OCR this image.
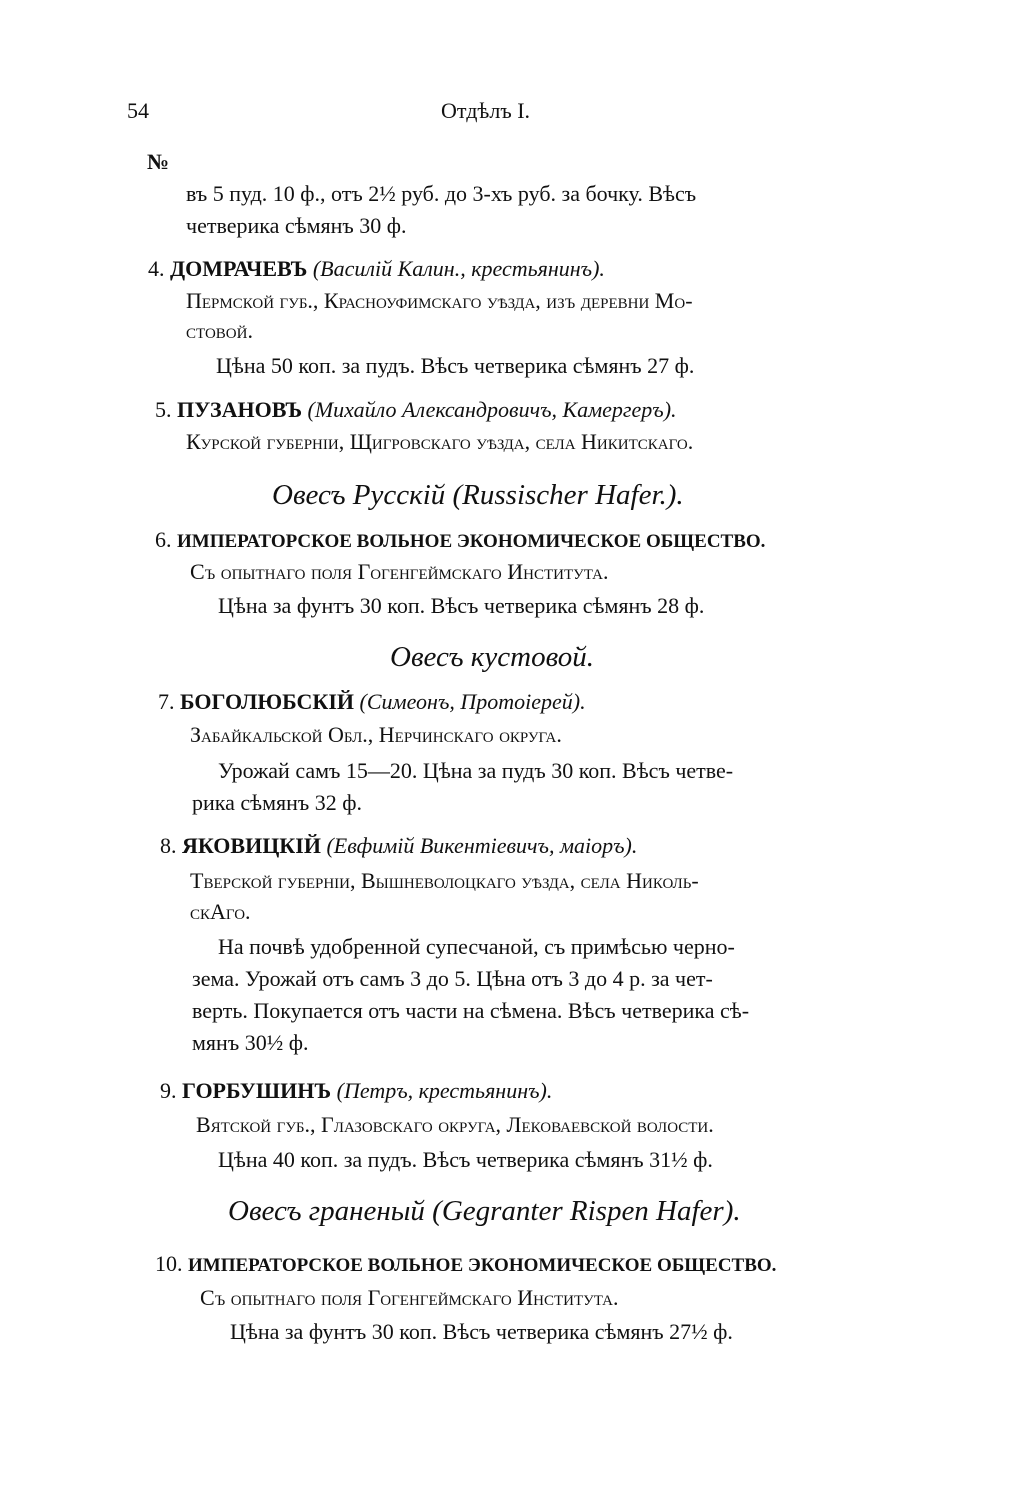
54	Отдѣлъ I.
№
въ 5 пуд. 10 ф., отъ 2½ руб. до 3-хъ руб. за бочку. Вѣсъ
четверика сѣмянъ 30 ф.
4. ДОМРАЧЕВЪ (Василій Калин., крестьянинъ).
Пермской губ., Красноуфимскаго уѣзда, изъ деревни Мо-
стовой.
Цѣна 50 коп. за пудъ. Вѣсъ четверика сѣмянъ 27 ф.
5. ПУЗАНОВЪ (Михайло Александровичъ, Камергеръ).
Курской губерніи, Щигровскаго уѣзда, села Никитскаго.
Овесъ Русскій (Russischer Hafer.).
6. ИМПЕРАТОРСКОЕ ВОЛЬНОЕ ЭКОНОМИЧЕСКОЕ ОБЩЕСТВО.
Съ опытнаго поля Гогенгеймскаго Института.
Цѣна за фунтъ 30 коп. Вѣсъ четверика сѣмянъ 28 ф.
Овесъ кустовой.
7. БОГОЛЮБСКІЙ (Симеонъ, Протоіерей).
Забайкальской Обл., Нерчинскаго округа.
Урожай самъ 15—20. Цѣна за пудъ 30 коп. Вѣсъ четве-
рика сѣмянъ 32 ф.
8. ЯКОВИЦКІЙ (Евфимій Викентіевичъ, маіоръ).
Тверской губерніи, Вышневолоцкаго уѣзда, села Николь-
скАго.
На почвѣ удобренной супесчаной, съ примѣсью черно-
зема. Урожай отъ самъ 3 до 5. Цѣна отъ 3 до 4 р. за чет-
верть. Покупается отъ части на сѣмена. Вѣсъ четверика сѣ-
мянъ 30½ ф.
9. ГОРБУШИНЪ (Петръ, крестьянинъ).
Вятской губ., Глазовскаго округа, Лековаевской волости.
Цѣна 40 коп. за пудъ. Вѣсъ четверика сѣмянъ 31½ ф.
Овесъ граненый (Gegranter Rispen Hafer).
10. ИМПЕРАТОРСКОЕ ВОЛЬНОЕ ЭКОНОМИЧЕСКОЕ ОБЩЕСТВО.
Съ опытнаго поля Гогенгеймскаго Института.
Цѣна за фунтъ 30 коп. Вѣсъ четверика сѣмянъ 27½ ф.
